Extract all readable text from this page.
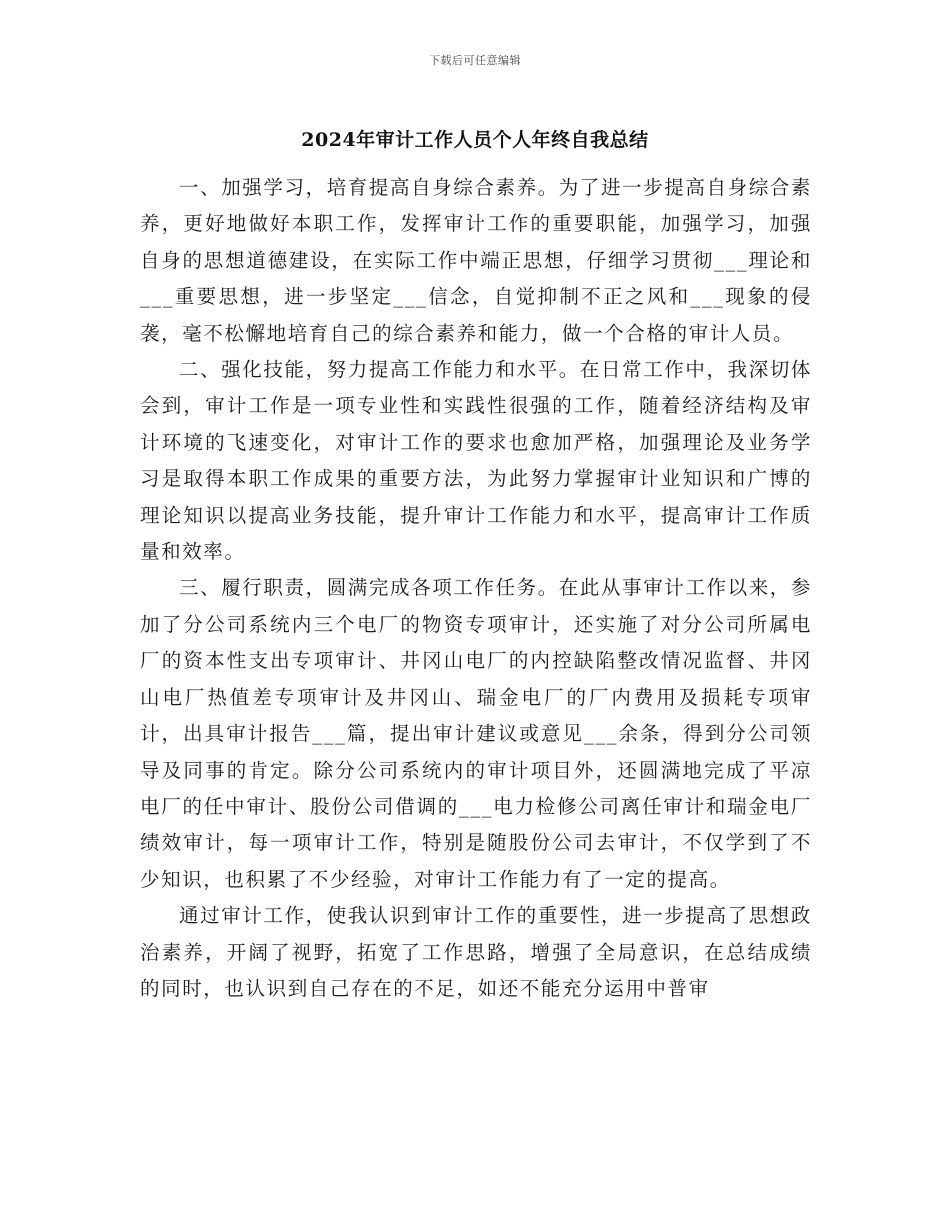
下载后可任意编辑
2024年审计工作人员个人年终自我总结

一、加强学习，培育提高自身综合素养。为了进一步提高自身综合素养，更好地做好本职工作，发挥审计工作的重要职能，加强学习，加强自身的思想道德建设，在实际工作中端正思想，仔细学习贯彻___理论和___重要思想，进一步坚定___信念，自觉抑制不正之风和___现象的侵袭，毫不松懈地培育自己的综合素养和能力，做一个合格的审计人员。

二、强化技能，努力提高工作能力和水平。在日常工作中，我深切体会到，审计工作是一项专业性和实践性很强的工作，随着经济结构及审计环境的飞速变化，对审计工作的要求也愈加严格，加强理论及业务学习是取得本职工作成果的重要方法，为此努力掌握审计业知识和广博的理论知识以提高业务技能，提升审计工作能力和水平，提高审计工作质量和效率。

三、履行职责，圆满完成各项工作任务。在此从事审计工作以来，参加了分公司系统内三个电厂的物资专项审计，还实施了对分公司所属电厂的资本性支出专项审计、井冈山电厂的内控缺陷整改情况监督、井冈山电厂热值差专项审计及井冈山、瑞金电厂的厂内费用及损耗专项审计，出具审计报告___篇，提出审计建议或意见___余条，得到分公司领导及同事的肯定。除分公司系统内的审计项目外，还圆满地完成了平凉电厂的任中审计、股份公司借调的___电力检修公司离任审计和瑞金电厂绩效审计，每一项审计工作，特别是随股份公司去审计，不仅学到了不少知识，也积累了不少经验，对审计工作能力有了一定的提高。

通过审计工作，使我认识到审计工作的重要性，进一步提高了思想政治素养，开阔了视野，拓宽了工作思路，增强了全局意识，在总结成绩的同时，也认识到自己存在的不足，如还不能充分运用中普审
